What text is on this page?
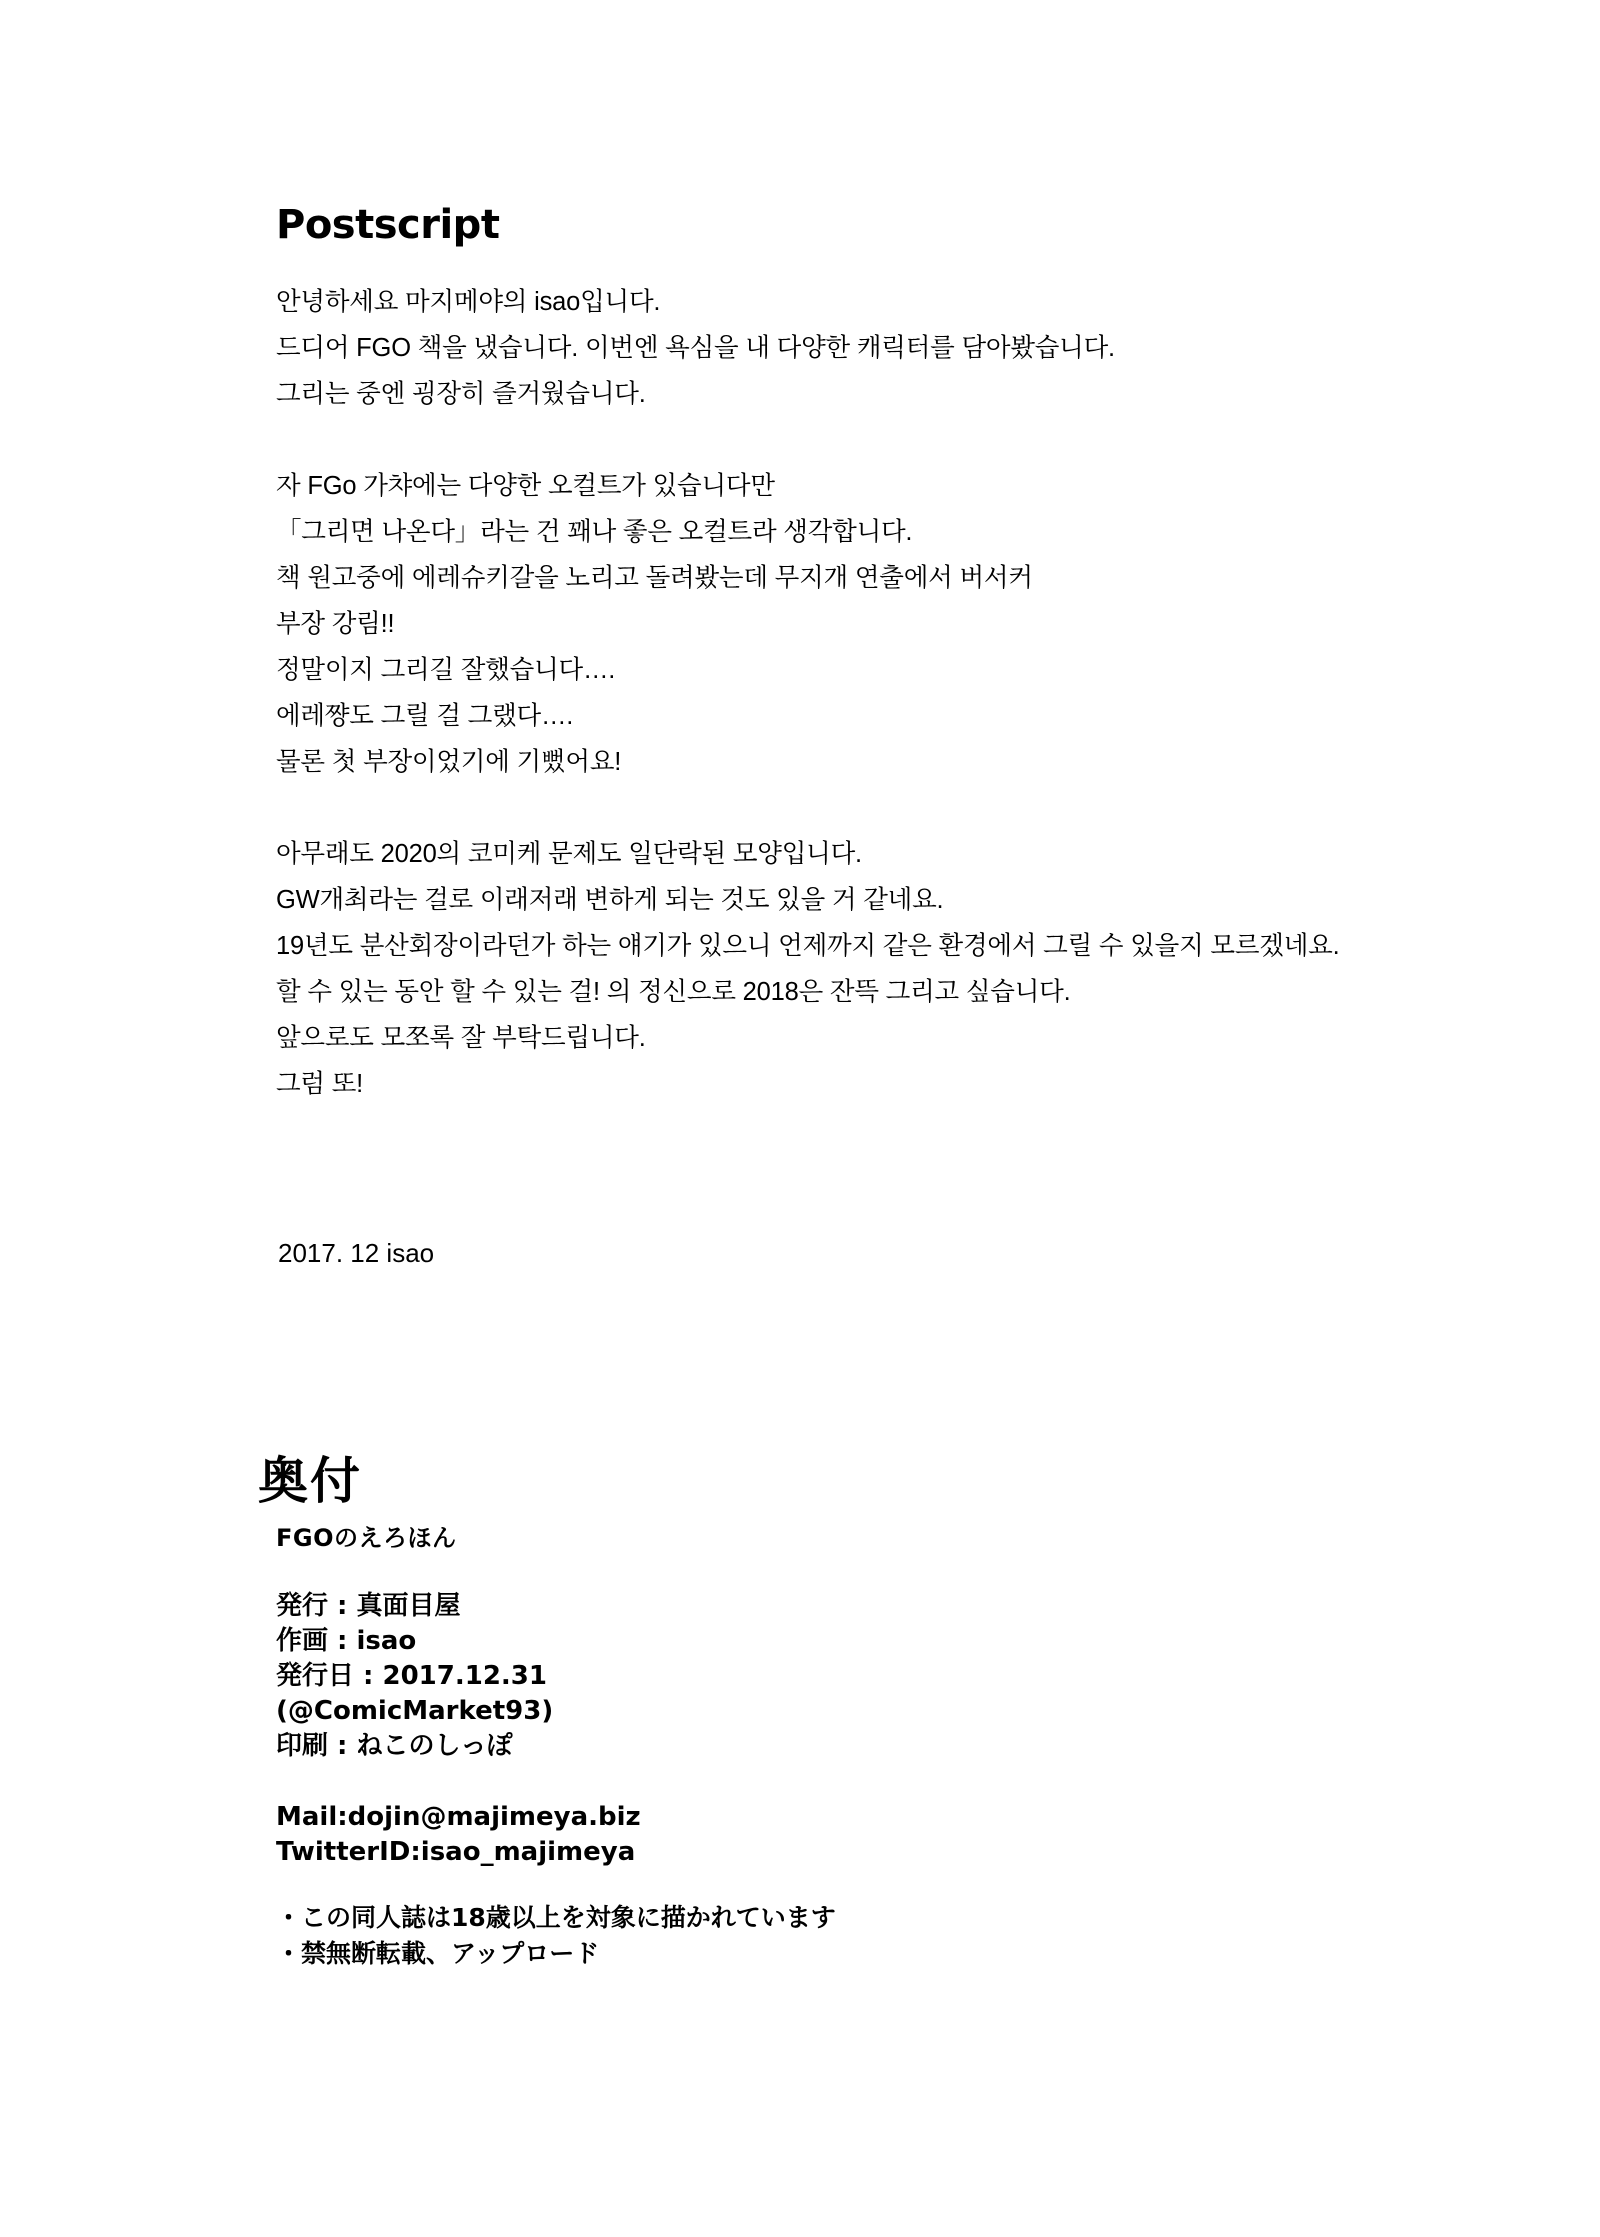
Postscript

안녕하세요 마지메야의 isao입니다.

드디어 FGO 책을 냈습니다. 이번엔 욕심을 내 다양한 캐릭터를 담아봤습니다.

그리는 중엔 굉장히 즐거웠습니다.

자 FGo 가챠에는 다양한 오컬트가 있습니다만

「그리면 나온다」라는 건 꽤나 좋은 오컬트라 생각합니다.

책 원고중에 에레슈키갈을 노리고 돌려봤는데 무지개 연출에서 버서커

부장 강림!!

정말이지 그리길 잘했습니다….

에레쨩도 그릴 걸 그랬다….

물론 첫 부장이었기에 기뻤어요!

아무래도 2020의 코미케 문제도 일단락된 모양입니다.

GW개최라는 걸로 이래저래 변하게 되는 것도 있을 거 같네요.

19년도 분산회장이라던가 하는 얘기가 있으니 언제까지 같은 환경에서 그릴 수 있을지 모르겠네요.

할 수 있는 동안 할 수 있는 걸! 의 정신으로 2018은 잔뜩 그리고 싶습니다.

앞으로도 모쪼록 잘 부탁드립니다.

그럼 또!

2017. 12 isao
奥付
FGOのえろほん

発行 : 真面目屋

作画 : isao

発行日 : 2017.12.31

(@ComicMarket93)

印刷 : ねこのしっぽ

Mail:dojin@majimeya.biz

TwitterID:isao_majimeya

・この同人誌は18歳以上を対象に描かれています

・禁無断転載、アップロード
